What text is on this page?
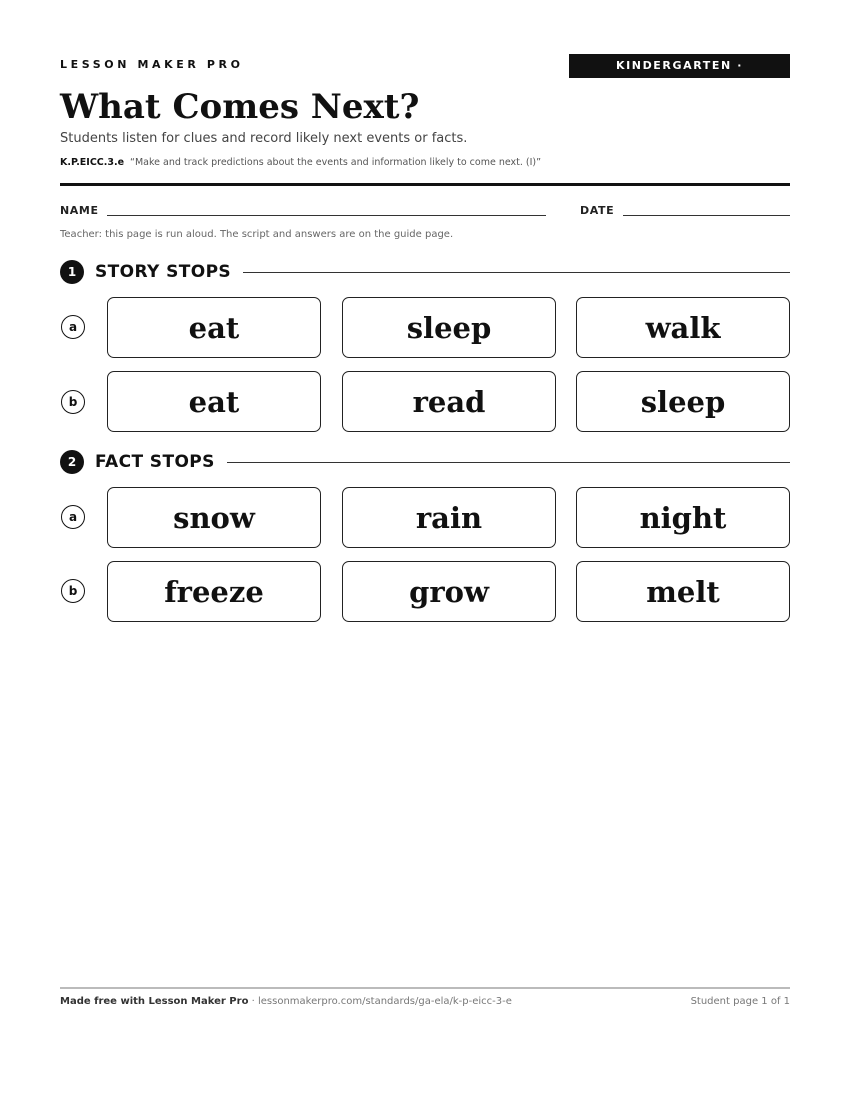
LESSON MAKER PRO	KINDERGARTEN · K.P.EICC.3.e
What Comes Next?
Students listen for clues and record likely next events or facts.
K.P.EICC.3.e “Make and track predictions about the events and information likely to come next. (I)”
NAME	DATE
Teacher: this page is run aloud. The script and answers are on the guide page.
1	STORY STOPS
a	eat	sleep	walk
b	eat	read	sleep
2	FACT STOPS
a	snow	rain	night
b	freeze	grow	melt
Made free with Lesson Maker Pro · lessonmakerpro.com/standards/ga-ela/k-p-eicc-3-e	Student page 1 of 1
